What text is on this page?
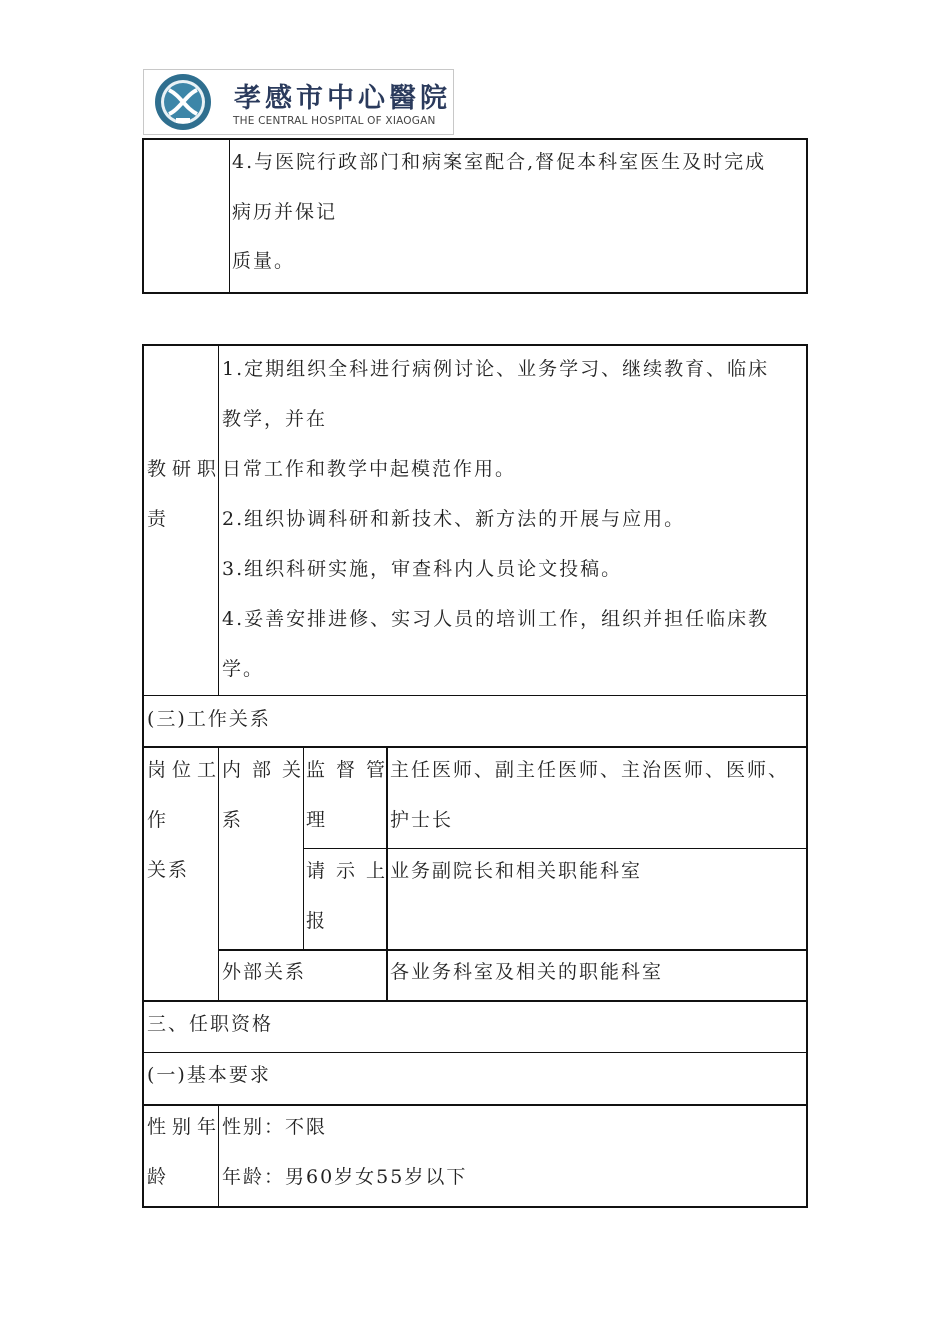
孝感市中心醫院
THE CENTRAL HOSPITAL OF XIAOGAN
4.与医院行政部门和病案室配合,督促本科室医生及时完成
病历并保记
质量。
教研职
责
1.定期组织全科进行病例讨论、业务学习、继续教育、临床
教学，并在
日常工作和教学中起模范作用。
2.组织协调科研和新技术、新方法的开展与应用。
3.组织科研实施，审查科内人员论文投稿。
4.妥善安排进修、实习人员的培训工作，组织并担任临床教
学。
(三)工作关系
岗位工
作
关系
内部关
系
监督管
理
主任医师、副主任医师、主治医师、医师、
护士长
请示上
报
业务副院长和相关职能科室
外部关系	各业务科室及相关的职能科室
三、任职资格
(一)基本要求
性别年
龄
性别：不限
年龄：男60岁女55岁以下
